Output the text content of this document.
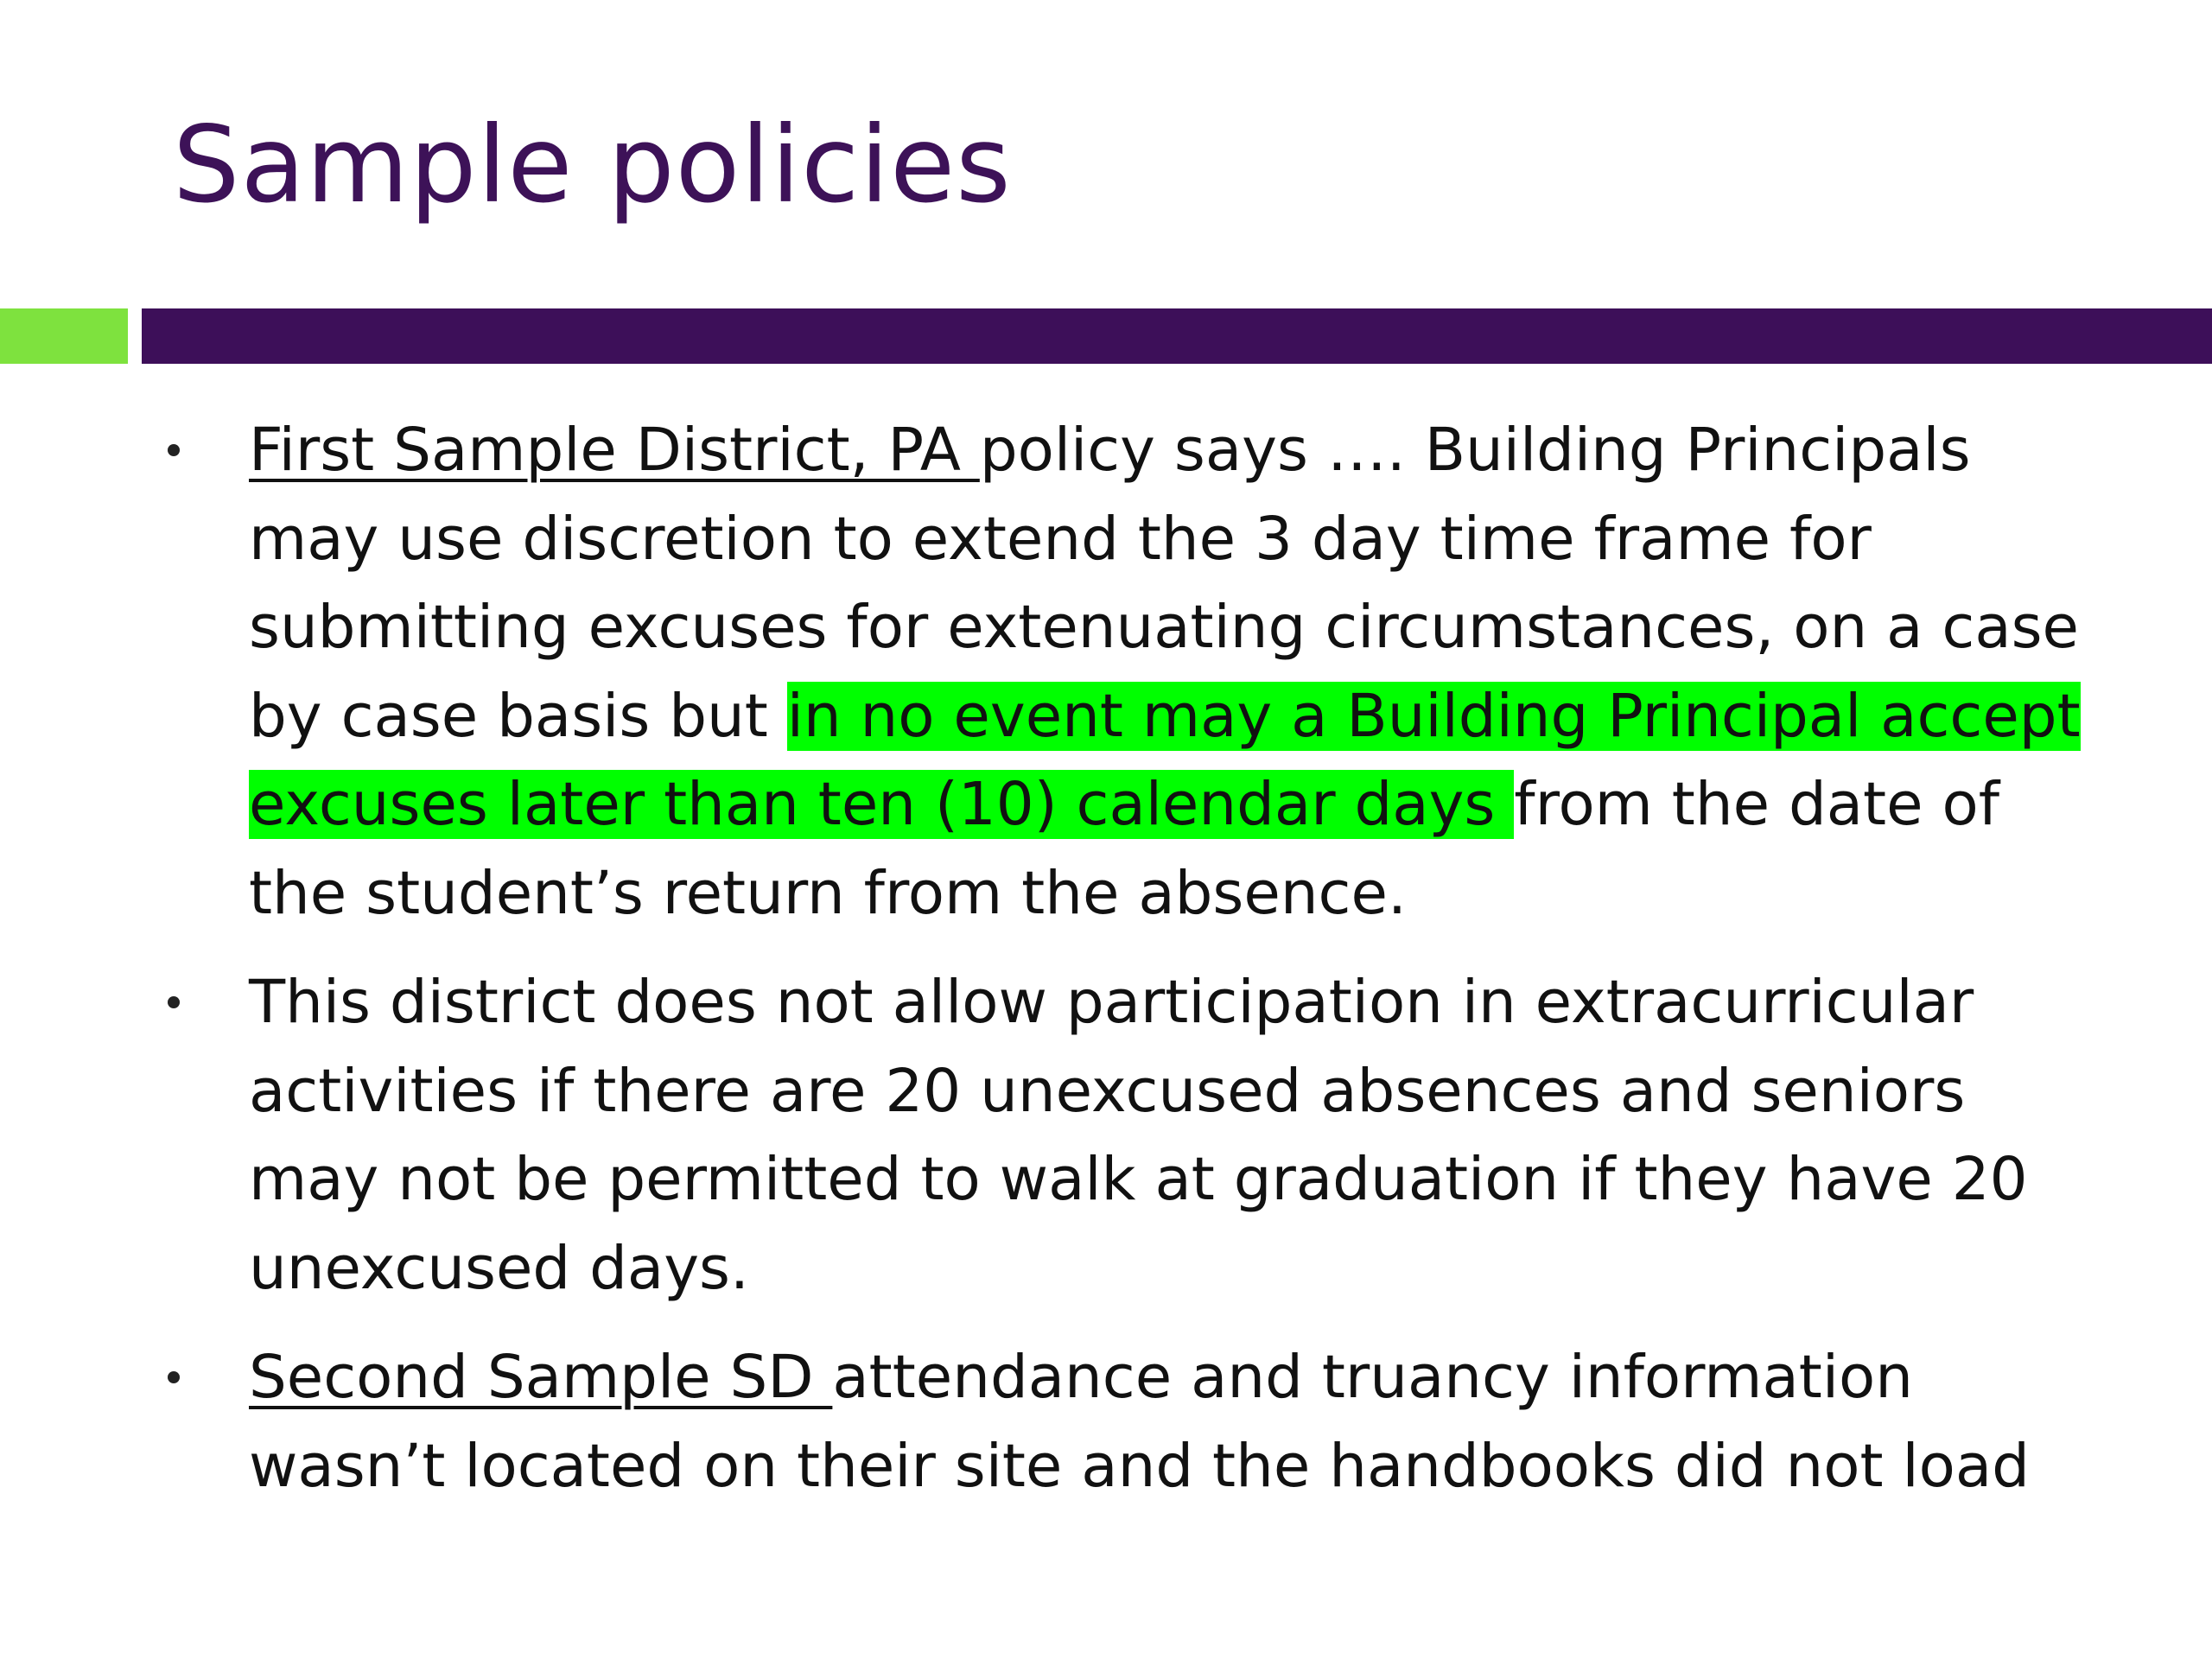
Sample policies
First Sample District, PA policy says …. Building Principals may use discretion to extend the 3 day time frame for submitting excuses for extenuating circumstances, on a case by case basis but in no event may a Building Principal accept excuses later than ten (10) calendar days from the date of the student’s return from the absence.
This district does not allow participation in extracurricular activities if there are 20 unexcused absences and seniors may not be permitted to walk at graduation if they have 20 unexcused days.
Second Sample SD attendance and truancy information wasn’t located on their site and the handbooks did not load
